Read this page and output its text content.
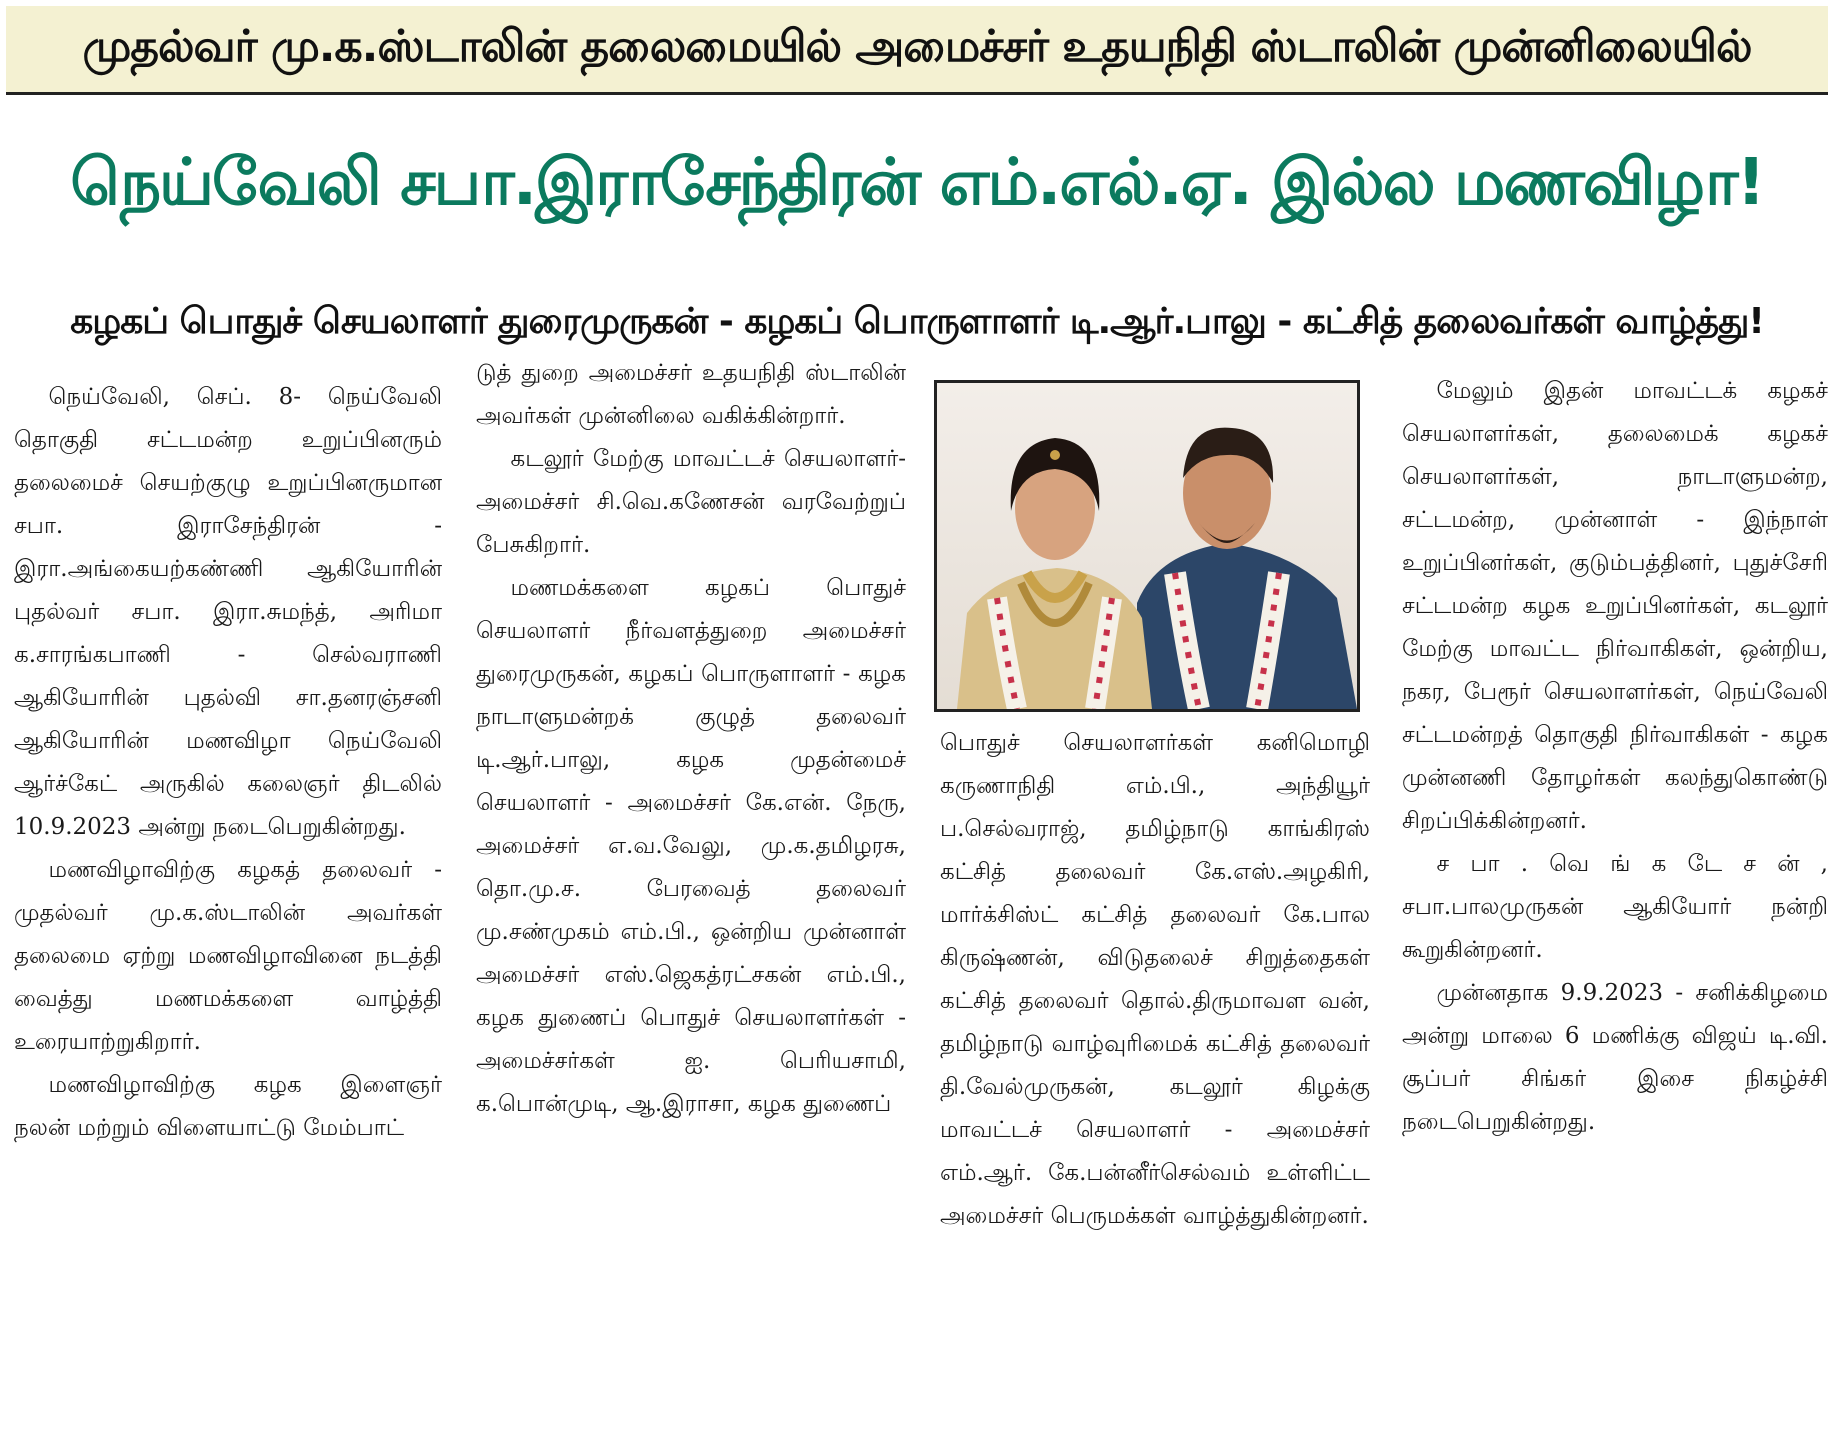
முதல்வர் மு.க.ஸ்டாலின் தலைமையில் அமைச்சர் உதயநிதி ஸ்டாலின் முன்னிலையில்
நெய்வேலி சபா.இராசேந்திரன் எம்.எல்.ஏ. இல்ல மணவிழா!
கழகப் பொதுச் செயலாளர் துரைமுருகன் - கழகப் பொருளாளர் டி.ஆர்.பாலு - கட்சித் தலைவர்கள் வாழ்த்து!

நெய்வேலி, செப். 8- நெய்வேலி தொகுதி சட்டமன்ற உறுப்பினரும் தலைமைச் செயற்குழு உறுப்பினருமான சபா. இராசேந்திரன் - இரா.அங்கையற்கண்ணி ஆகியோரின் புதல்வர் சபா. இரா.சுமந்த், அரிமா க.சாரங்கபாணி - செல்வராணி ஆகியோரின் புதல்வி சா.தனரஞ்சனி ஆகியோரின் மணவிழா நெய்வேலி ஆர்ச்கேட் அருகில் கலைஞர் திடலில் 10.9.2023 அன்று நடைபெறுகின்றது.

மணவிழாவிற்கு கழகத் தலைவர் - முதல்வர் மு.க.ஸ்டாலின் அவர்கள் தலைமை ஏற்று மணவிழாவினை நடத்தி வைத்து மணமக்களை வாழ்த்தி உரையாற்றுகிறார்.

மணவிழாவிற்கு கழக இளைஞர் நலன் மற்றும் விளையாட்டு மேம்பாட்

டுத் துறை அமைச்சர் உதயநிதி ஸ்டாலின் அவர்கள் முன்னிலை வகிக்கின்றார்.

கடலூர் மேற்கு மாவட்டச் செயலாளர்- அமைச்சர் சி.வெ.கணேசன் வரவேற்றுப் பேசுகிறார்.

மணமக்களை கழகப் பொதுச் செயலாளர் நீர்வளத்துறை அமைச்சர் துரைமுருகன், கழகப் பொருளாளர் - கழக நாடாளுமன்றக் குழுத் தலைவர் டி.ஆர்.பாலு, கழக முதன்மைச் செயலாளர் - அமைச்சர் கே.என். நேரு, அமைச்சர் எ.வ.வேலு, மு.க.தமிழரசு, தொ.மு.ச. பேரவைத் தலைவர் மு.சண்முகம் எம்.பி., ஒன்றிய முன்னாள் அமைச்சர் எஸ்.ஜெகத்ரட்சகன் எம்.பி., கழக துணைப் பொதுச் செயலாளர்கள் - அமைச்சர்கள் ஐ. பெரியசாமி, க.பொன்முடி, ஆ.இராசா, கழக துணைப்

பொதுச் செயலாளர்கள் கனிமொழி கருணாநிதி எம்.பி., அந்தியூர் ப.செல்வராஜ், தமிழ்நாடு காங்கிரஸ் கட்சித் தலைவர் கே.எஸ்.அழகிரி, மார்க்சிஸ்ட் கட்சித் தலைவர் கே.பால கிருஷ்ணன், விடுதலைச் சிறுத்தைகள் கட்சித் தலைவர் தொல்.திருமாவள வன், தமிழ்நாடு வாழ்வுரிமைக் கட்சித் தலைவர் தி.வேல்முருகன், கடலூர் கிழக்கு மாவட்டச் செயலாளர் - அமைச்சர் எம்.ஆர். கே.பன்னீர்செல்வம் உள்ளிட்ட அமைச்சர் பெருமக்கள் வாழ்த்துகின்றனர்.

மேலும் இதன் மாவட்டக் கழகச் செயலாளர்கள், தலைமைக் கழகச் செயலாளர்கள், நாடாளுமன்ற, சட்டமன்ற, முன்னாள் - இந்நாள் உறுப்பினர்கள், குடும்பத்தினர், புதுச்சேரி சட்டமன்ற கழக உறுப்பினர்கள், கடலூர் மேற்கு மாவட்ட நிர்வாகிகள், ஒன்றிய, நகர, பேரூர் செயலாளர்கள், நெய்வேலி சட்டமன்றத் தொகுதி நிர்வாகிகள் - கழக முன்னணி தோழர்கள் கலந்துகொண்டு சிறப்பிக்கின்றனர்.

ச பா . வெ ங் க டே ச ன் , சபா.பாலமுருகன் ஆகியோர் நன்றி கூறுகின்றனர்.

முன்னதாக 9.9.2023 - சனிக்கிழமை அன்று மாலை 6 மணிக்கு விஜய் டி.வி. சூப்பர் சிங்கர் இசை நிகழ்ச்சி நடைபெறுகின்றது.
